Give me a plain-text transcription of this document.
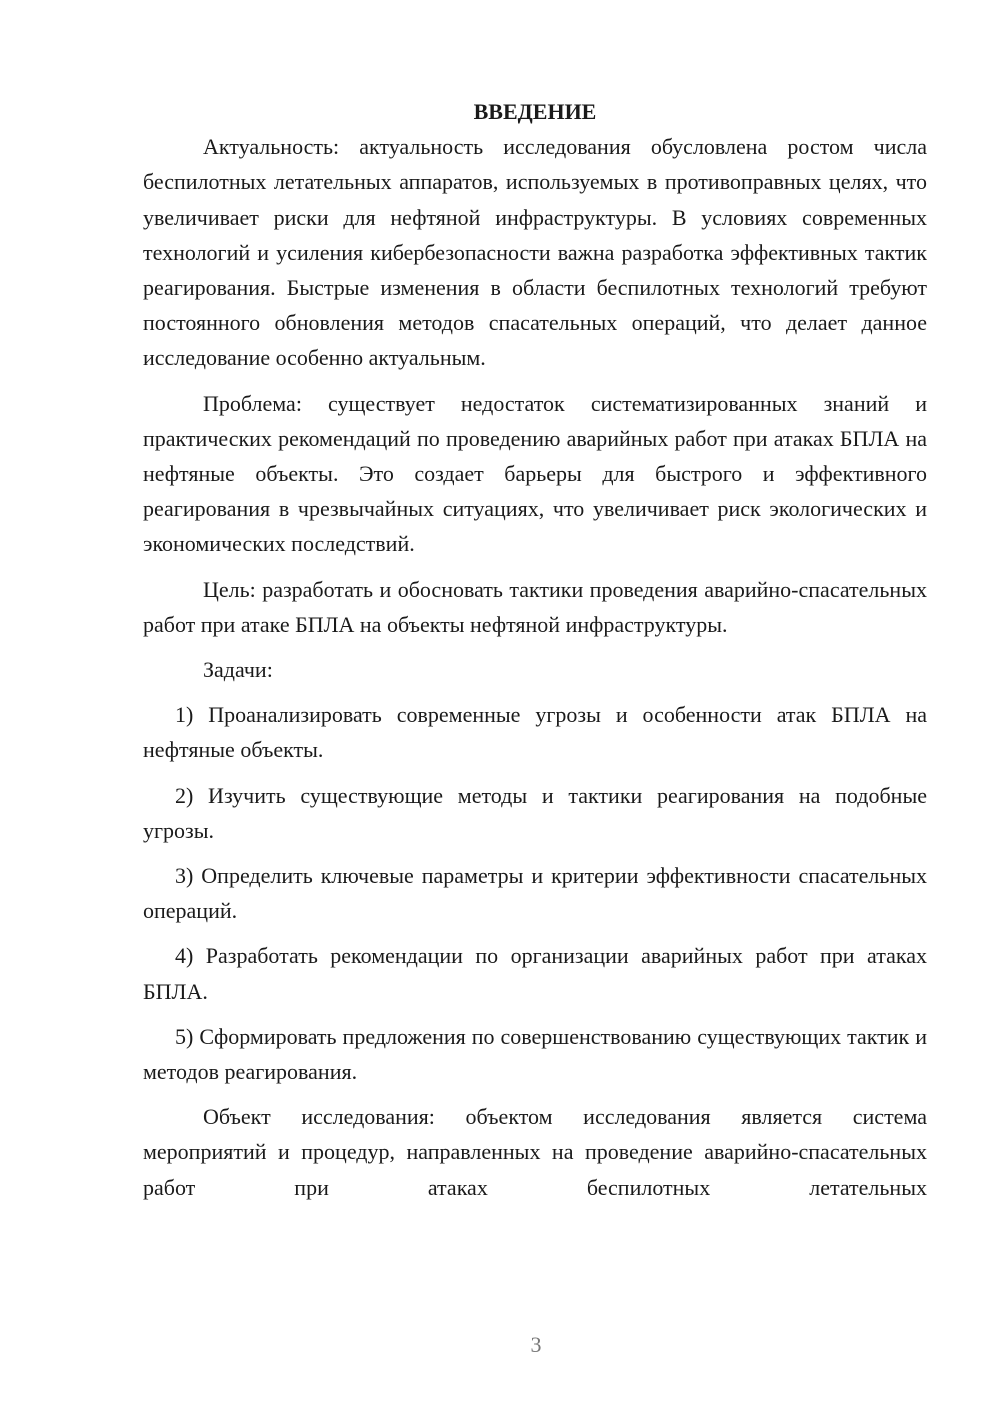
ВВЕДЕНИЕ

Актуальность: актуальность исследования обусловлена ростом числа беспилотных летательных аппаратов, используемых в противоправных целях, что увеличивает риски для нефтяной инфраструктуры. В условиях современных технологий и усиления кибербезопасности важна разработка эффективных тактик реагирования. Быстрые изменения в области беспилотных технологий требуют постоянного обновления методов спасательных операций, что делает данное исследование особенно актуальным.

Проблема: существует недостаток систематизированных знаний и практических рекомендаций по проведению аварийных работ при атаках БПЛА на нефтяные объекты. Это создает барьеры для быстрого и эффективного реагирования в чрезвычайных ситуациях, что увеличивает риск экологических и экономических последствий.

Цель: разработать и обосновать тактики проведения аварийно-спасательных работ при атаке БПЛА на объекты нефтяной инфраструктуры.

Задачи:

1) Проанализировать современные угрозы и особенности атак БПЛА на нефтяные объекты.

2) Изучить существующие методы и тактики реагирования на подобные угрозы.

3) Определить ключевые параметры и критерии эффективности спасательных операций.

4) Разработать рекомендации по организации аварийных работ при атаках БПЛА.

5) Сформировать предложения по совершенствованию существующих тактик и методов реагирования.

Объект исследования: объектом исследования является система мероприятий и процедур, направленных на проведение аварийно-спасательных работ при атаках беспилотных летательных

3
